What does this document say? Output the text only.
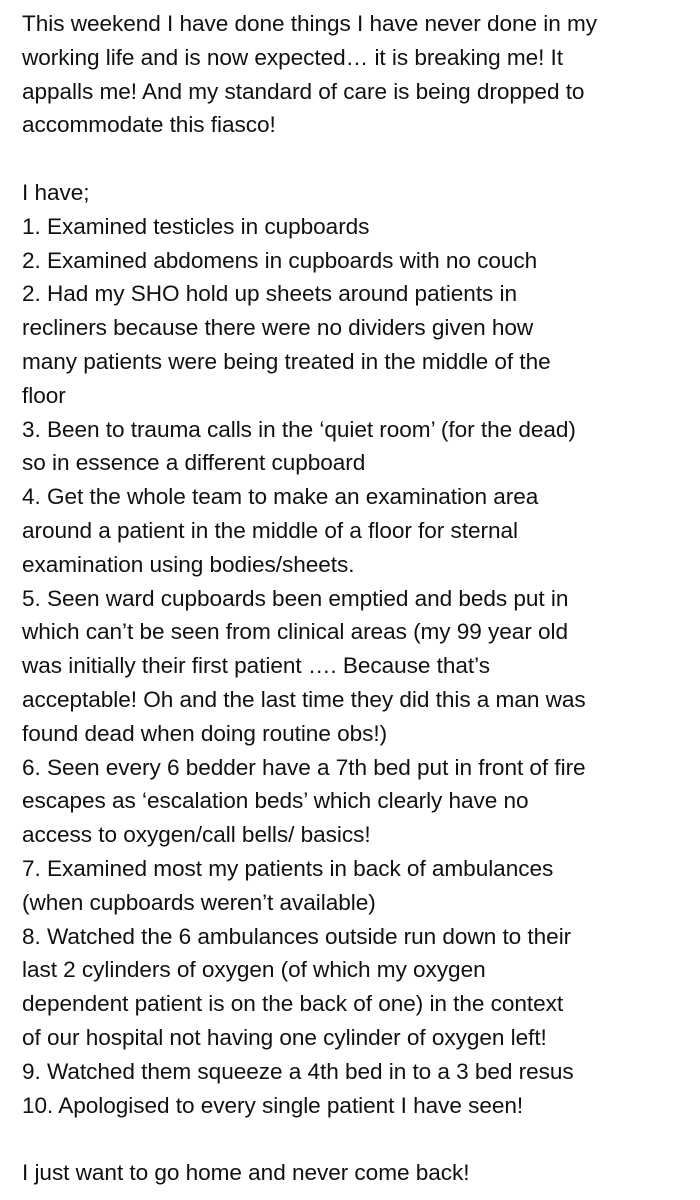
This weekend I have done things I have never done in my
working life and is now expected… it is breaking me! It
appalls me! And my standard of care is being dropped to
accommodate this fiasco!
I have;
1. Examined testicles in cupboards
2. Examined abdomens in cupboards with no couch
2. Had my SHO hold up sheets around patients in
recliners because there were no dividers given how
many patients were being treated in the middle of the
floor
3. Been to trauma calls in the ‘quiet room’ (for the dead)
so in essence a different cupboard
4. Get the whole team to make an examination area
around a patient in the middle of a floor for sternal
examination using bodies/sheets.
5. Seen ward cupboards been emptied and beds put in
which can’t be seen from clinical areas (my 99 year old
was initially their first patient …. Because that’s
acceptable! Oh and the last time they did this a man was
found dead when doing routine obs!)
6. Seen every 6 bedder have a 7th bed put in front of fire
escapes as ‘escalation beds’ which clearly have no
access to oxygen/call bells/ basics!
7. Examined most my patients in back of ambulances
(when cupboards weren’t available)
8. Watched the 6 ambulances outside run down to their
last 2 cylinders of oxygen (of which my oxygen
dependent patient is on the back of one) in the context
of our hospital not having one cylinder of oxygen left!
9. Watched them squeeze a 4th bed in to a 3 bed resus
10. Apologised to every single patient I have seen!
I just want to go home and never come back!
